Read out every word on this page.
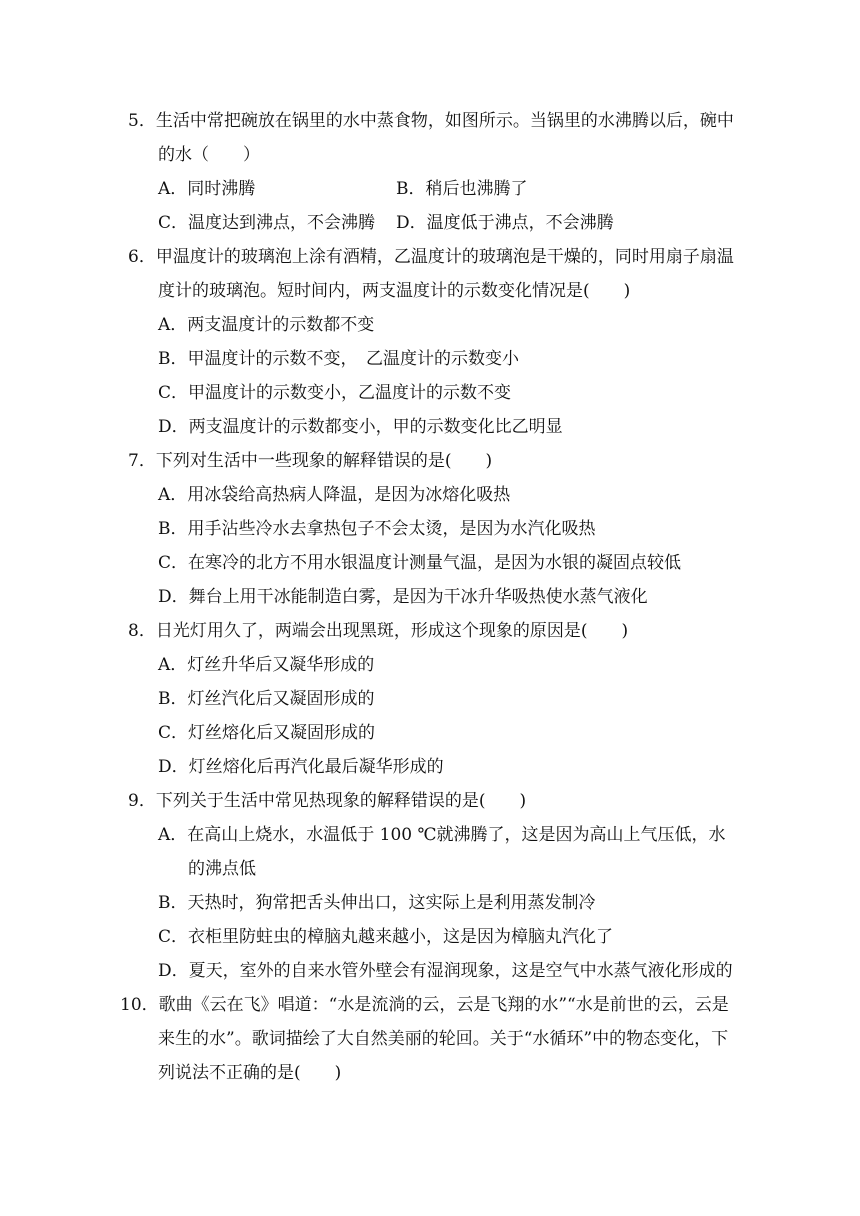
5．生活中常把碗放在锅里的水中蒸食物，如图所示。当锅里的水沸腾以后，碗中
的水（　　）
A．同时沸腾	B．稍后也沸腾了
C．温度达到沸点，不会沸腾 D．温度低于沸点，不会沸腾
6．甲温度计的玻璃泡上涂有酒精，乙温度计的玻璃泡是干燥的，同时用扇子扇温
度计的玻璃泡。短时间内，两支温度计的示数变化情况是(　　)
A．两支温度计的示数都不变
B．甲温度计的示数不变，　乙温度计的示数变小
C．甲温度计的示数变小，乙温度计的示数不变
D．两支温度计的示数都变小，甲的示数变化比乙明显
7．下列对生活中一些现象的解释错误的是(　　)
A．用冰袋给高热病人降温，是因为冰熔化吸热
B．用手沾些冷水去拿热包子不会太烫，是因为水汽化吸热
C．在寒冷的北方不用水银温度计测量气温，是因为水银的凝固点较低
D．舞台上用干冰能制造白雾，是因为干冰升华吸热使水蒸气液化
8．日光灯用久了，两端会出现黑斑，形成这个现象的原因是(　　)
A．灯丝升华后又凝华形成的
B．灯丝汽化后又凝固形成的
C．灯丝熔化后又凝固形成的
D．灯丝熔化后再汽化最后凝华形成的
9．下列关于生活中常见热现象的解释错误的是(　　)
A．在高山上烧水，水温低于 100 ℃就沸腾了，这是因为高山上气压低，水
的沸点低
B．天热时，狗常把舌头伸出口，这实际上是利用蒸发制冷
C．衣柜里防蛀虫的樟脑丸越来越小，这是因为樟脑丸汽化了
D．夏天，室外的自来水管外壁会有湿润现象，这是空气中水蒸气液化形成的
10．歌曲《云在飞》唱道：“水是流淌的云，云是飞翔的水”“水是前世的云，云是
来生的水”。歌词描绘了大自然美丽的轮回。关于“水循环”中的物态变化，下
列说法不正确的是(　　)
